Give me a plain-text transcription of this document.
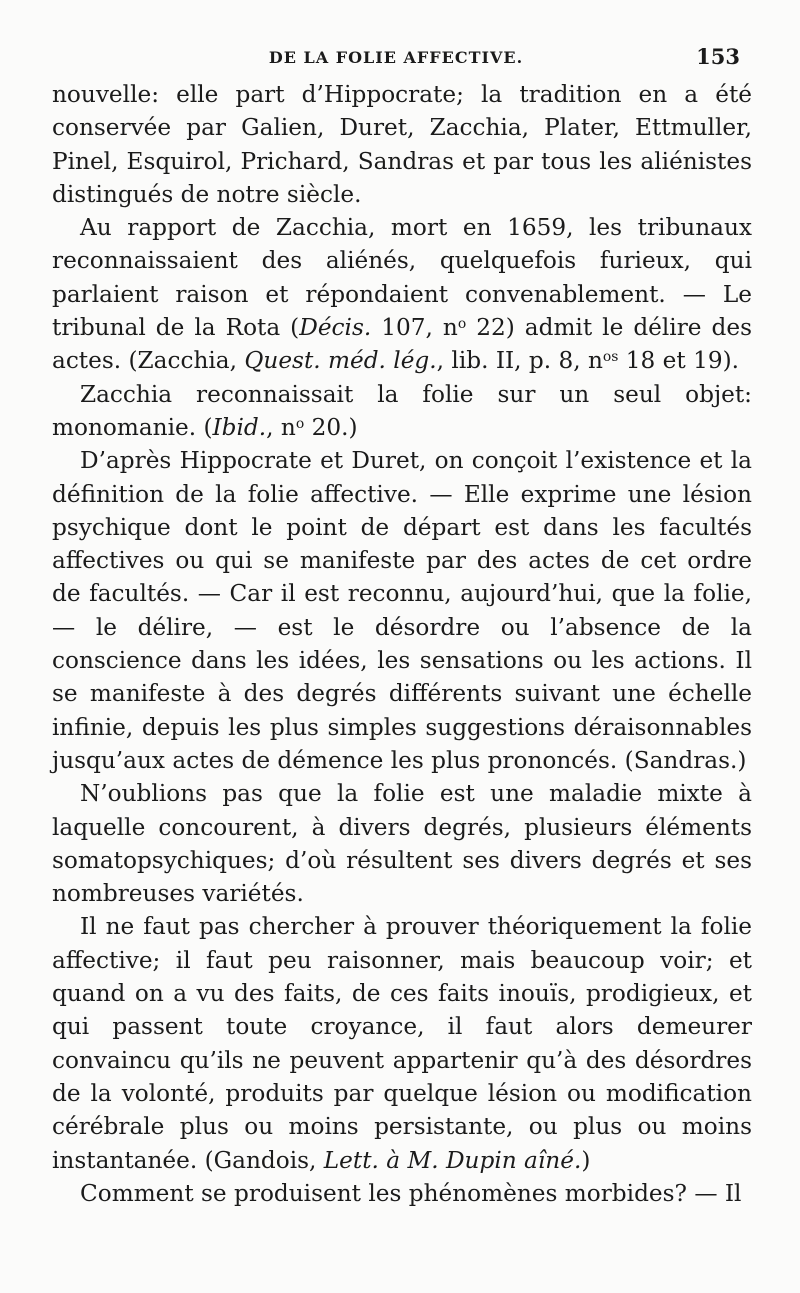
DE LA FOLIE AFFECTIVE.	153

nouvelle: elle part d’Hippocrate; la tradition en a été conservée par Galien, Duret, Zacchia, Plater, Ettmuller, Pinel, Esquirol, Prichard, Sandras et par tous les aliénistes distingués de notre siècle.

Au rapport de Zacchia, mort en 1659, les tribunaux reconnaissaient des aliénés, quelquefois furieux, qui parlaient raison et répondaient convenablement. — Le tribunal de la Rota (Décis. 107, $n^o$ 22) admit le délire des actes. (Zacchia, Quest. méd. lég., lib. II, p. 8, $n^{os}$ 18 et 19).

Zacchia reconnaissait la folie sur un seul objet: monomanie. (Ibid., $n^o$ 20.)

D’après Hippocrate et Duret, on conçoit l’existence et la définition de la folie affective. — Elle exprime une lésion psychique dont le point de départ est dans les facultés affectives ou qui se manifeste par des actes de cet ordre de facultés. — Car il est reconnu, aujourd’hui, que la folie, — le délire, — est le désordre ou l’absence de la conscience dans les idées, les sensations ou les actions. Il se manifeste à des degrés différents suivant une échelle infinie, depuis les plus simples suggestions déraisonnables jusqu’aux actes de démence les plus prononcés. (Sandras.)

N’oublions pas que la folie est une maladie mixte à laquelle concourent, à divers degrés, plusieurs éléments somatopsychiques; d’où résultent ses divers degrés et ses nombreuses variétés.

Il ne faut pas chercher à prouver théoriquement la folie affective; il faut peu raisonner, mais beaucoup voir; et quand on a vu des faits, de ces faits inouïs, prodigieux, et qui passent toute croyance, il faut alors demeurer convaincu qu’ils ne peuvent appartenir qu’à des désordres de la volonté, produits par quelque lésion ou modification cérébrale plus ou moins persistante, ou plus ou moins instantanée. (Gandois, Lett. à M. Dupin aîné.)

Comment se produisent les phénomènes morbides? — Il
